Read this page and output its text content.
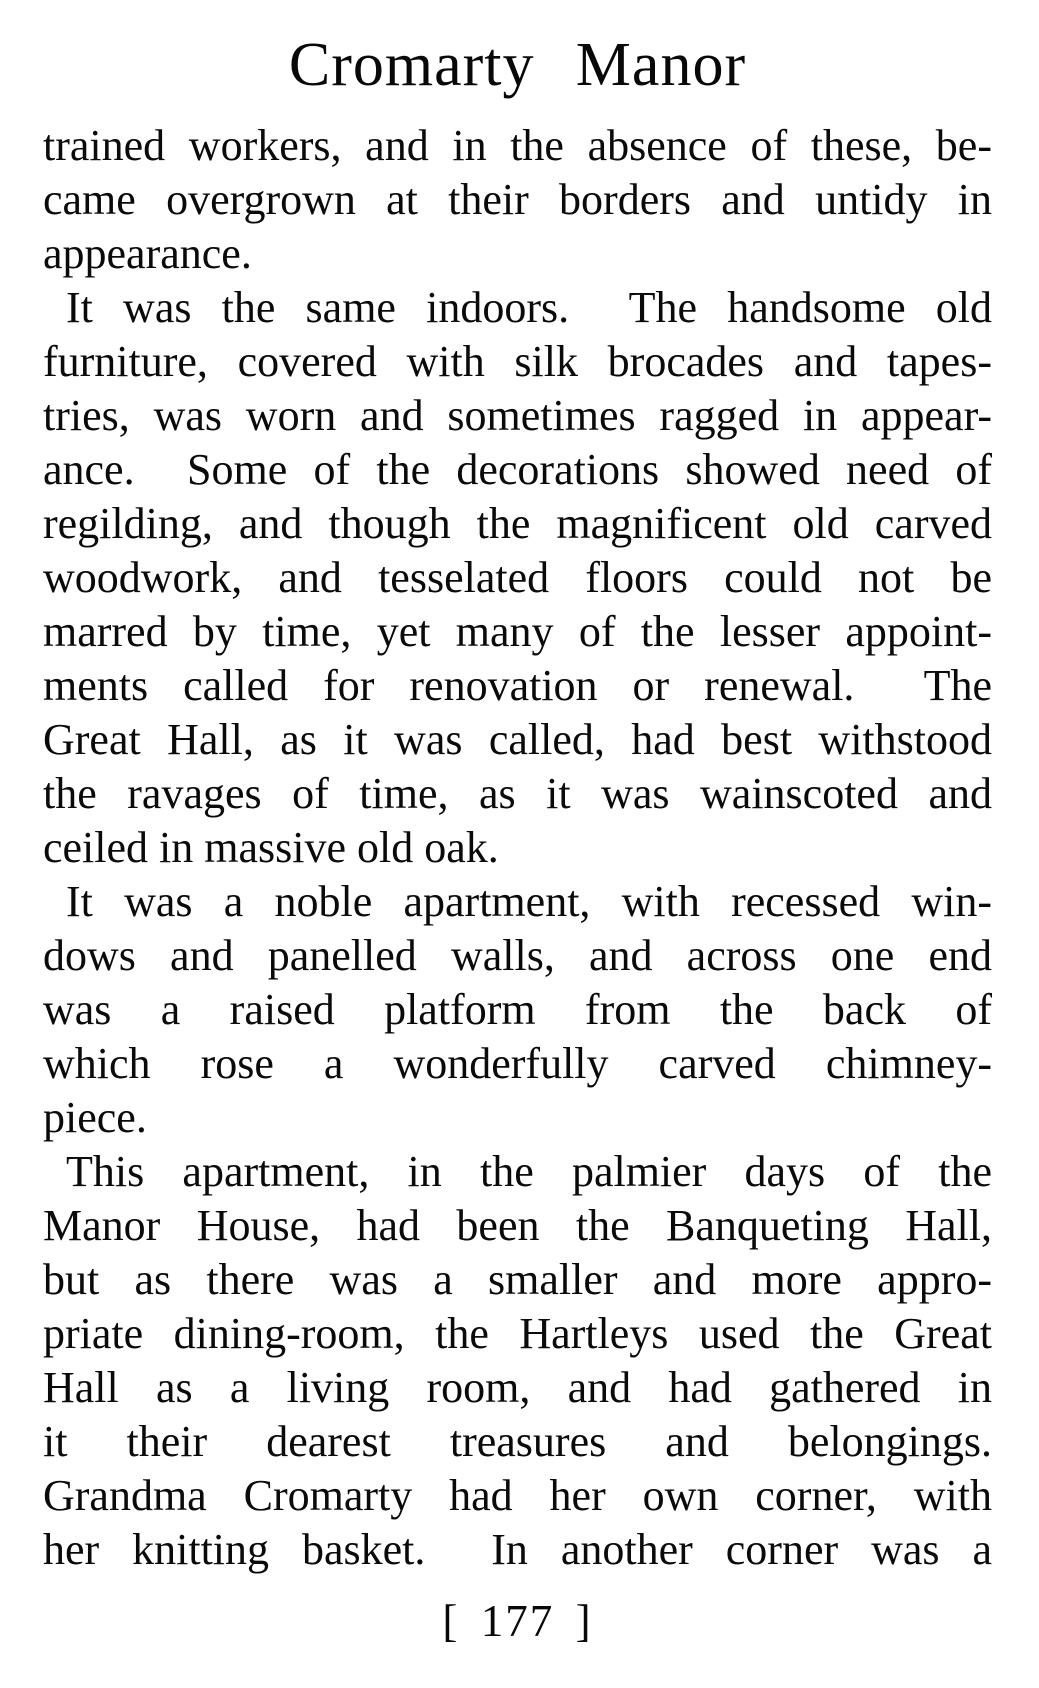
Cromarty Manor
trained workers, and in the absence of these, be-
came overgrown at their borders and untidy in
appearance.
It was the same indoors.  The handsome old
furniture, covered with silk brocades and tapes-
tries, was worn and sometimes ragged in appear-
ance.  Some of the decorations showed need of
regilding, and though the magnificent old carved
woodwork, and tesselated floors could not be
marred by time, yet many of the lesser appoint-
ments called for renovation or renewal.  The
Great Hall, as it was called, had best withstood
the ravages of time, as it was wainscoted and
ceiled in massive old oak.
It was a noble apartment, with recessed win-
dows and panelled walls, and across one end
was a raised platform from the back of
which rose a wonderfully carved chimney-
piece.
This apartment, in the palmier days of the
Manor House, had been the Banqueting Hall,
but as there was a smaller and more appro-
priate dining-room, the Hartleys used the Great
Hall as a living room, and had gathered in
it their dearest treasures and belongings.
Grandma Cromarty had her own corner, with
her knitting basket.  In another corner was a
[ 177 ]
